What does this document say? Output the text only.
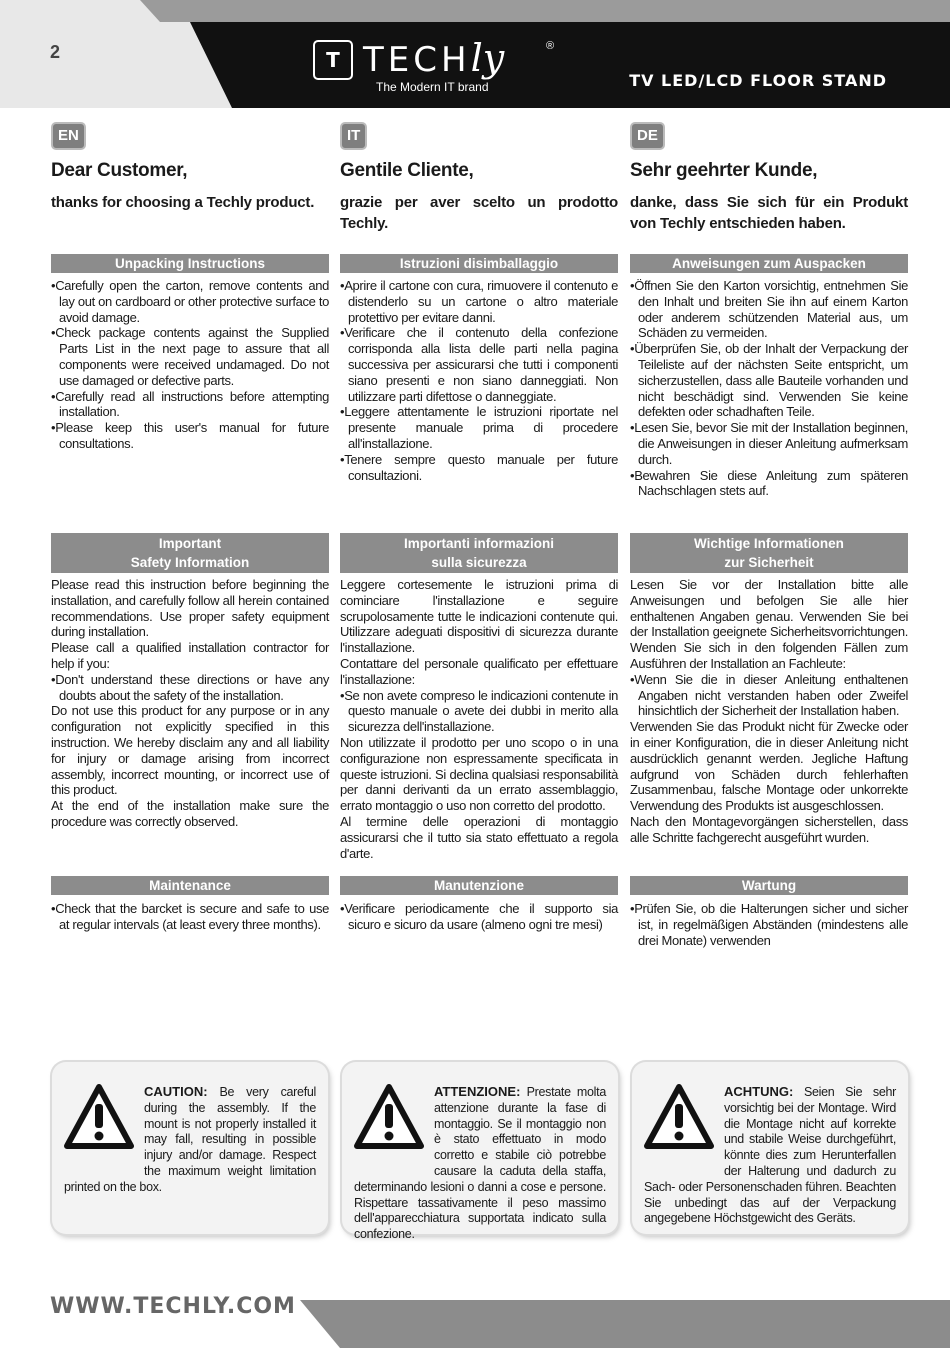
2	T TECHly	®
The Modern IT brand	TV LED/LCD FLOOR STAND
EN
Dear Customer,
thanks for choosing a Techly product.
IT
Gentile Cliente,
grazie per aver scelto un prodotto Techly.
DE
Sehr geehrter Kunde,
danke, dass Sie sich für ein Produkt von Techly entschieden haben.
Unpacking Instructions	Istruzioni disimballaggio	Anweisungen zum Auspacken
• Carefully open the carton, remove contents and lay out on cardboard or other protective surface to avoid damage.
• Check package contents against the Supplied Parts List in the next page to assure that all components were received undamaged. Do not use damaged or defective parts.
• Carefully read all instructions before attempting installation.
• Please keep this user's manual for future consultations.
• Aprire il cartone con cura, rimuovere il contenuto e distenderlo su un cartone o altro materiale protettivo per evitare danni.
• Verificare che il contenuto della confezione corrisponda alla lista delle parti nella pagina successiva per assicurarsi che tutti i componenti siano presenti e non siano danneggiati. Non utilizzare parti difettose o danneggiate.
• Leggere attentamente le istruzioni riportate nel presente manuale prima di procedere all'installazione.
• Tenere sempre questo manuale per future consultazioni.
• Öffnen Sie den Karton vorsichtig, entnehmen Sie den Inhalt und breiten Sie ihn auf einem Karton oder anderem schützenden Material aus, um Schäden zu vermeiden.
• Überprüfen Sie, ob der Inhalt der Verpackung der Teileliste auf der nächsten Seite entspricht, um sicherzustellen, dass alle Bauteile vorhanden und nicht beschädigt sind. Verwenden Sie keine defekten oder schadhaften Teile.
• Lesen Sie, bevor Sie mit der Installation beginnen, die Anweisungen in dieser Anleitung aufmerksam durch.
• Bewahren Sie diese Anleitung zum späteren Nachschlagen stets auf.
Important
Safety Information
Importanti informazioni
sulla sicurezza
Wichtige Informationen
zur Sicherheit

Please read this instruction before beginning the installation, and carefully follow all herein contained recommendations. Use proper safety equipment during installation.

Please call a qualified installation contractor for help if you:

• Don't understand these directions or have any doubts about the safety of the installation.

Do not use this product for any purpose or in any configuration not explicitly specified in this instruction. We hereby disclaim any and all liability for injury or damage arising from incorrect assembly, incorrect mounting, or incorrect use of this product.

At the end of the installation make sure the procedure was correctly observed.

Leggere cortesemente le istruzioni prima di cominciare l'installazione e seguire scrupolosamente tutte le indicazioni contenute qui. Utilizzare adeguati dispositivi di sicurezza durante l'installazione.

Contattare del personale qualificato per effettuare l'installazione:

• Se non avete compreso le indicazioni contenute in questo manuale o avete dei dubbi in merito alla sicurezza dell'installazione.

Non utilizzate il prodotto per uno scopo o in una configurazione non espressamente specificata in queste istruzioni. Si declina qualsiasi responsabilità per danni derivanti da un errato assemblaggio, errato montaggio o uso non corretto del prodotto.

Al termine delle operazioni di montaggio assicurarsi che il tutto sia stato effettuato a regola d'arte.

Lesen Sie vor der Installation bitte alle Anweisungen und befolgen Sie alle hier enthaltenen Angaben genau. Verwenden Sie bei der Installation geeignete Sicherheitsvorrichtungen. Wenden Sie sich in den folgenden Fällen zum Ausführen der Installation an Fachleute:

• Wenn Sie die in dieser Anleitung enthaltenen Angaben nicht verstanden haben oder Zweifel hinsichtlich der Sicherheit der Installation haben.

Verwenden Sie das Produkt nicht für Zwecke oder in einer Konfiguration, die in dieser Anleitung nicht ausdrücklich genannt werden. Jegliche Haftung aufgrund von Schäden durch fehlerhaften Zusammenbau, falsche Montage oder unkorrekte Verwendung des Produkts ist ausgeschlossen.

Nach den Montagevorgängen sicherstellen, dass alle Schritte fachgerecht ausgeführt wurden.

Maintenance	Manutenzione	Wartung
• Check that the barcket is secure and safe to use at regular intervals (at least every three months).
• Verificare periodicamente che il supporto sia sicuro e sicuro da usare (almeno ogni tre mesi)
• Prüfen Sie, ob die Halterungen sicher und sicher ist, in regelmäßigen Abständen (mindestens alle drei Monate) verwenden
CAUTION: Be very careful during the assembly. If the mount is not properly installed it may fall, resulting in possible injury and/or damage. Respect the maximum weight limitation printed on the box.
ATTENZIONE: Prestate molta attenzione durante la fase di montaggio. Se il montaggio non è stato effettuato in modo corretto e stabile ciò potrebbe causare la caduta della staffa, determinando lesioni o danni a cose e persone. Rispettare tassativamente il peso massimo dell'apparecchiatura supportata indicato sulla confezione.
ACHTUNG: Seien Sie sehr vorsichtig bei der Montage. Wird die Montage nicht auf korrekte und stabile Weise durchgeführt, könnte dies zum Herunterfallen der Halterung und dadurch zu Sach- oder Personenschaden führen. Beachten Sie unbedingt das auf der Verpackung angegebene Höchstgewicht des Geräts.
WWW.TECHLY.COM
